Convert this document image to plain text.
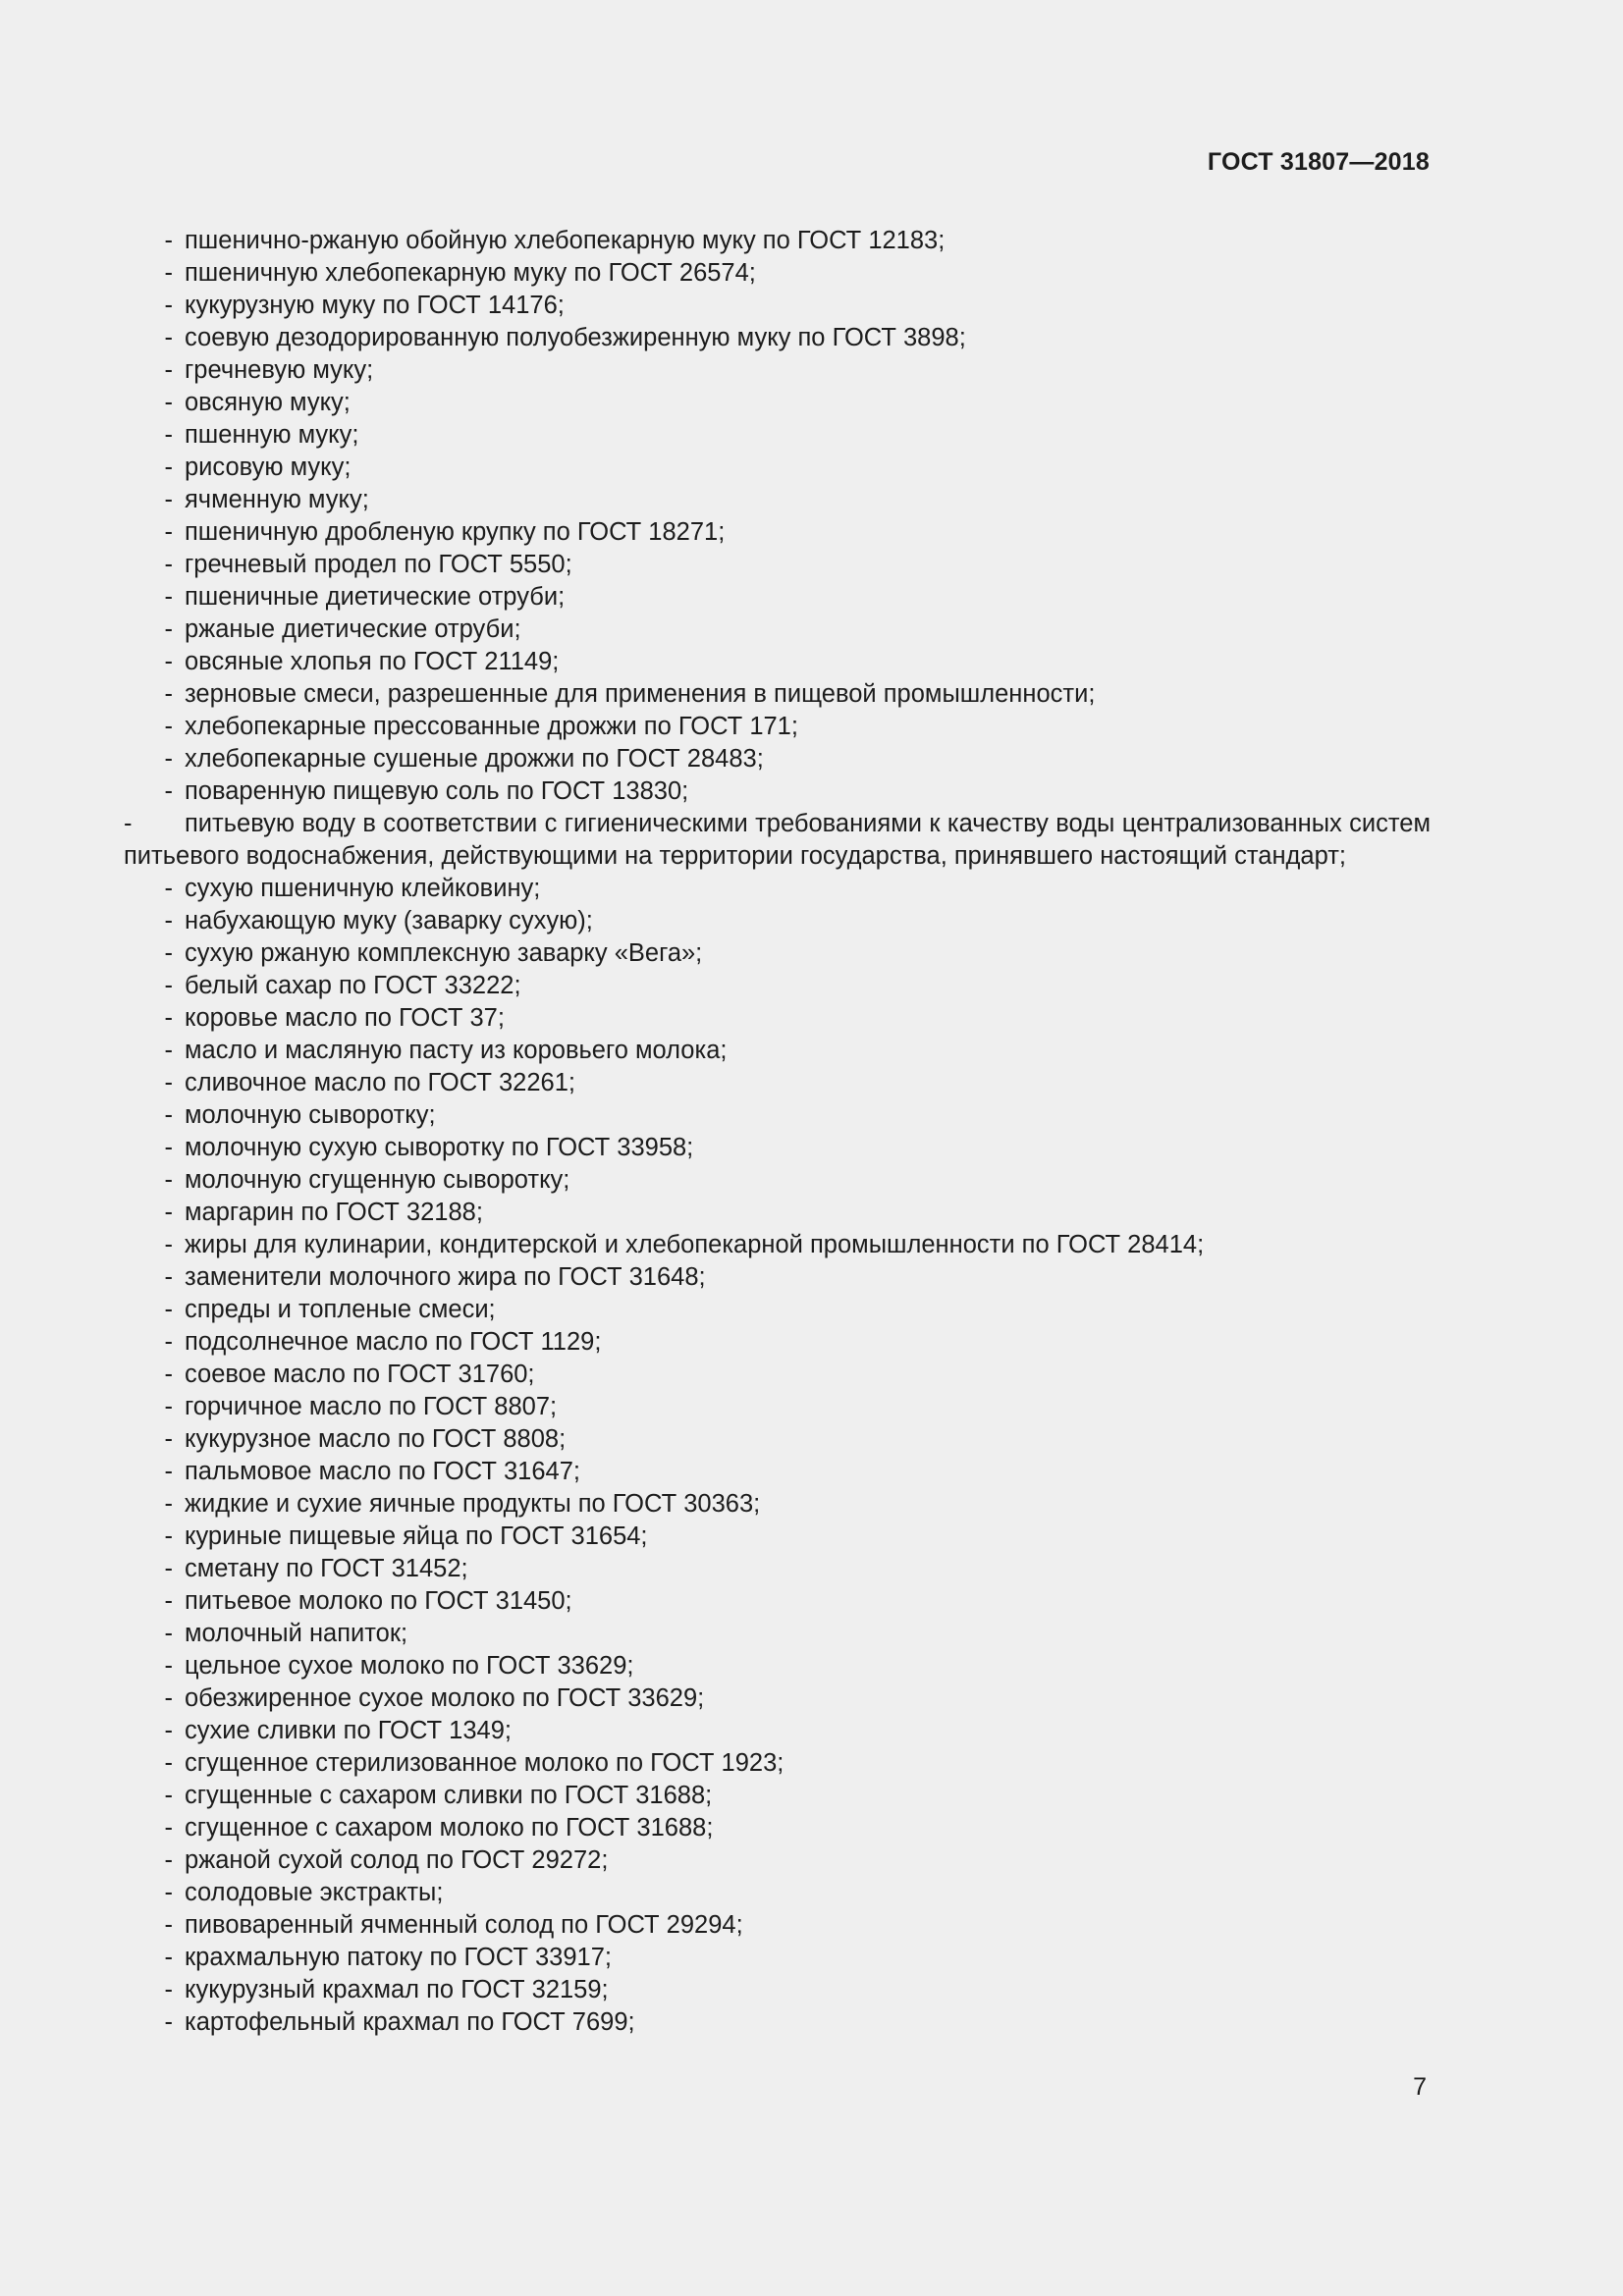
ГОСТ 31807—2018
- пшенично-ржаную обойную хлебопекарную муку по ГОСТ 12183;
- пшеничную хлебопекарную муку по ГОСТ 26574;
- кукурузную муку по ГОСТ 14176;
- соевую дезодорированную полуобезжиренную муку по ГОСТ 3898;
- гречневую муку;
- овсяную муку;
- пшенную муку;
- рисовую муку;
- ячменную муку;
- пшеничную дробленую крупку по ГОСТ 18271;
- гречневый продел по ГОСТ 5550;
- пшеничные диетические отруби;
- ржаные диетические отруби;
- овсяные хлопья по ГОСТ 21149;
- зерновые смеси, разрешенные для применения в пищевой промышленности;
- хлебопекарные прессованные дрожжи по ГОСТ 171;
- хлебопекарные сушеные дрожжи по ГОСТ 28483;
- поваренную пищевую соль по ГОСТ 13830;
- питьевую воду в соответствии с гигиеническими требованиями к качеству воды централизованных систем питьевого водоснабжения, действующими на территории государства, принявшего настоящий стандарт;
- сухую пшеничную клейковину;
- набухающую муку (заварку сухую);
- сухую ржаную комплексную заварку «Вега»;
- белый сахар по ГОСТ 33222;
- коровье масло по ГОСТ 37;
- масло и масляную пасту из коровьего молока;
- сливочное масло по ГОСТ 32261;
- молочную сыворотку;
- молочную сухую сыворотку по ГОСТ 33958;
- молочную сгущенную сыворотку;
- маргарин по ГОСТ 32188;
- жиры для кулинарии, кондитерской и хлебопекарной промышленности по ГОСТ 28414;
- заменители молочного жира по ГОСТ 31648;
- спреды и топленые смеси;
- подсолнечное масло по ГОСТ 1129;
- соевое масло по ГОСТ 31760;
- горчичное масло по ГОСТ 8807;
- кукурузное масло по ГОСТ 8808;
- пальмовое масло по ГОСТ 31647;
- жидкие и сухие яичные продукты по ГОСТ 30363;
- куриные пищевые яйца по ГОСТ 31654;
- сметану по ГОСТ 31452;
- питьевое молоко по ГОСТ 31450;
- молочный напиток;
- цельное сухое молоко по ГОСТ 33629;
- обезжиренное сухое молоко по ГОСТ 33629;
- сухие сливки по ГОСТ 1349;
- сгущенное стерилизованное молоко по ГОСТ 1923;
- сгущенные с сахаром сливки по ГОСТ 31688;
- сгущенное с сахаром молоко по ГОСТ 31688;
- ржаной сухой солод по ГОСТ 29272;
- солодовые экстракты;
- пивоваренный ячменный солод по ГОСТ 29294;
- крахмальную патоку по ГОСТ 33917;
- кукурузный крахмал по ГОСТ 32159;
- картофельный крахмал по ГОСТ 7699;
7
